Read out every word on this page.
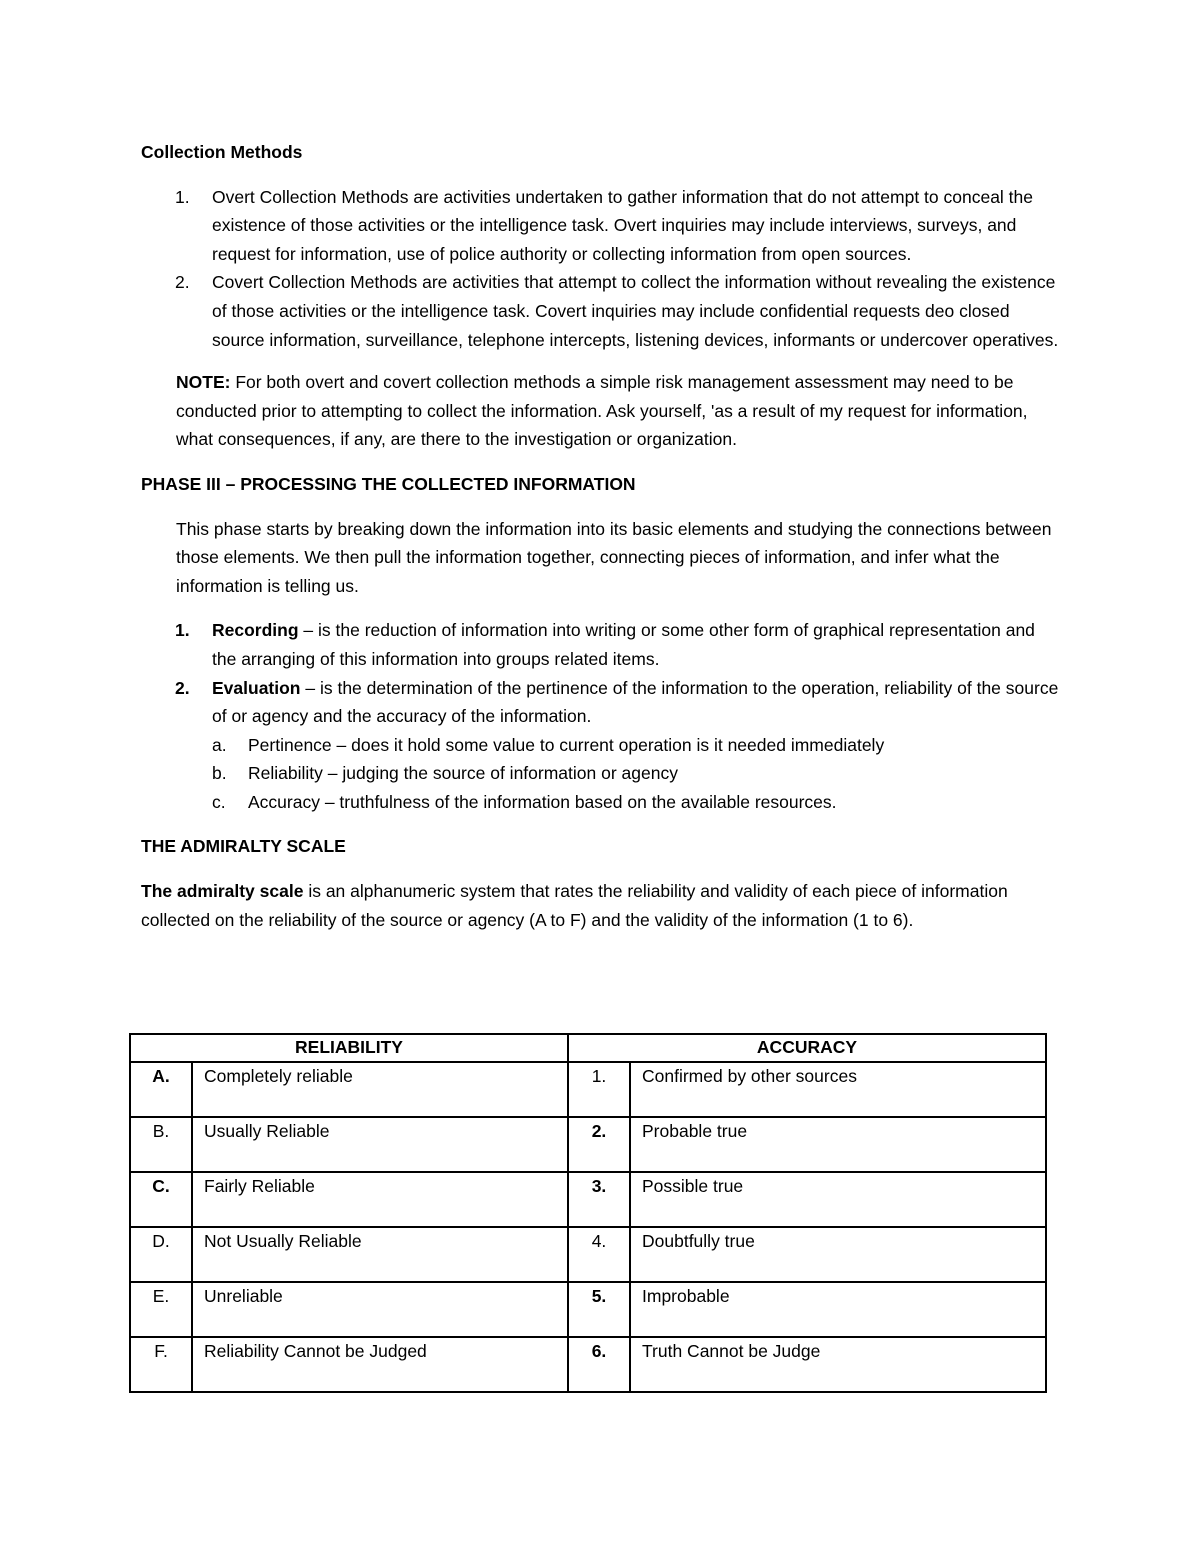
Collection Methods

1. Overt Collection Methods are activities undertaken to gather information that do not attempt to conceal the existence of those activities or the intelligence task. Overt inquiries may include interviews, surveys, and request for information, use of police authority or collecting information from open sources.
2. Covert Collection Methods are activities that attempt to collect the information without revealing the existence of those activities or the intelligence task. Covert inquiries may include confidential requests deo closed source information, surveillance, telephone intercepts, listening devices, informants or undercover operatives.

NOTE: For both overt and covert collection methods a simple risk management assessment may need to be conducted prior to attempting to collect the information. Ask yourself, 'as a result of my request for information, what consequences, if any, are there to the investigation or organization.

PHASE III – PROCESSING THE COLLECTED INFORMATION

This phase starts by breaking down the information into its basic elements and studying the connections between those elements. We then pull the information together, connecting pieces of information, and infer what the information is telling us.

1. Recording – is the reduction of information into writing or some other form of graphical representation and the arranging of this information into groups related items.
2. Evaluation – is the determination of the pertinence of the information to the operation, reliability of the source of or agency and the accuracy of the information.
a. Pertinence – does it hold some value to current operation is it needed immediately
b. Reliability – judging the source of information or agency
c. Accuracy – truthfulness of the information based on the available resources.

THE ADMIRALTY SCALE

The admiralty scale is an alphanumeric system that rates the reliability and validity of each piece of information collected on the reliability of the source or agency (A to F) and the validity of the information (1 to 6).

RELIABILITY		ACCURACY	
A.	Completely reliable	1.	Confirmed by other sources
B.	Usually Reliable	2.	Probable true
C.	Fairly Reliable	3.	Possible true
D.	Not Usually Reliable	4.	Doubtfully true
E.	Unreliable	5.	Improbable
F.	Reliability Cannot be Judged	6.	Truth Cannot be Judge
